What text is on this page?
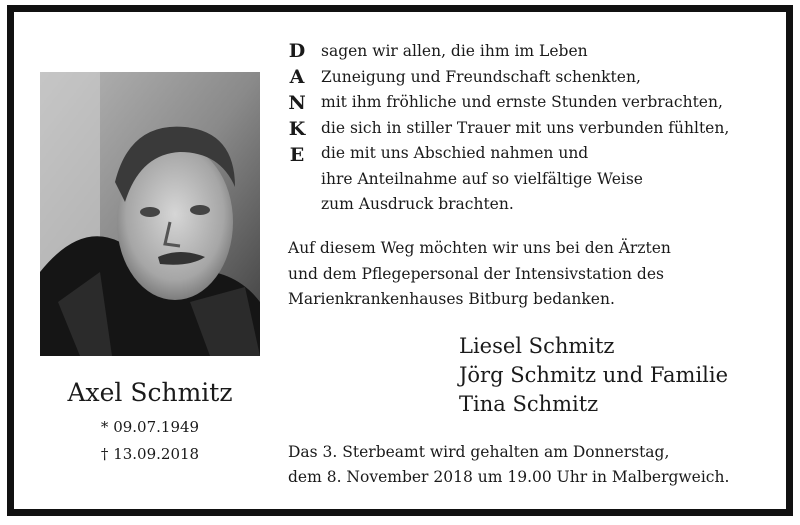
Axel Schmitz
* 09.07.1949
† 13.09.2018
D
A
N
K
E
sagen wir allen, die ihm im Leben
Zuneigung und Freundschaft schenkten,
mit ihm fröhliche und ernste Stunden verbrachten,
die sich in stiller Trauer mit uns verbunden fühlten,
die mit uns Abschied nahmen und
ihre Anteilnahme auf so vielfältige Weise
zum Ausdruck brachten.
Auf diesem Weg möchten wir uns bei den Ärzten
und dem Pflegepersonal der Intensivstation des
Marienkrankenhauses Bitburg bedanken.
Liesel Schmitz
Jörg Schmitz und Familie
Tina Schmitz
Das 3. Sterbeamt wird gehalten am Donnerstag,
dem 8. November 2018 um 19.00 Uhr in Malbergweich.
